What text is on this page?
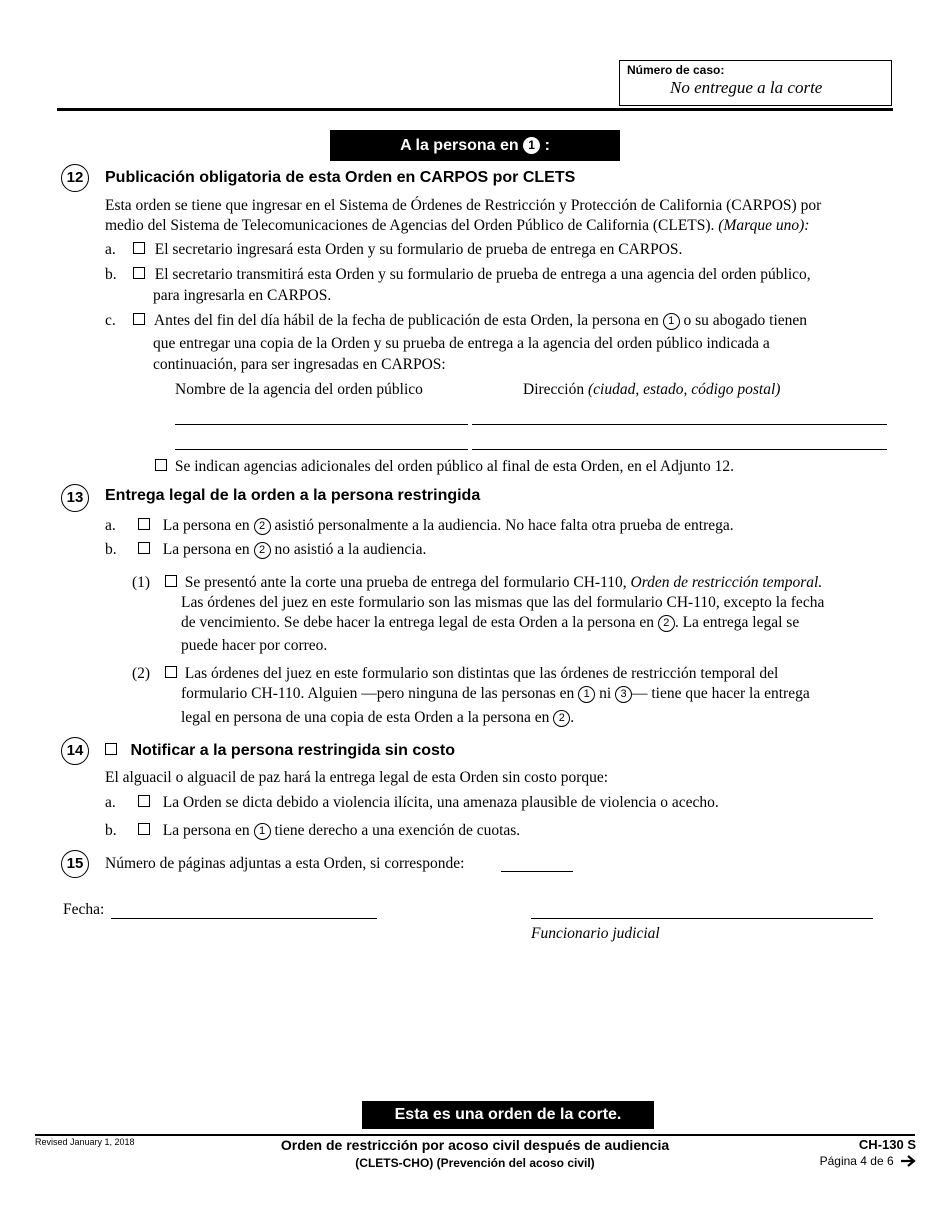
Número de caso:
No entregue a la corte
A la persona en 1 :
12	Publicación obligatoria de esta Orden en CARPOS por CLETS
Esta orden se tiene que ingresar en el Sistema de Órdenes de Restricción y Protección de California (CARPOS) por
medio del Sistema de Telecomunicaciones de Agencias del Orden Público de California (CLETS). (Marque uno):
a.	El secretario ingresará esta Orden y su formulario de prueba de entrega en CARPOS.
b. El secretario transmitirá esta Orden y su formulario de prueba de entrega a una agencia del orden público,
para ingresarla en CARPOS.
c. Antes del fin del día hábil de la fecha de publicación de esta Orden, la persona en 1 o su abogado tienen
que entregar una copia de la Orden y su prueba de entrega a la agencia del orden público indicada a
continuación, para ser ingresadas en CARPOS:
Nombre de la agencia del orden público	Dirección (ciudad, estado, código postal)
Se indican agencias adicionales del orden público al final de esta Orden, en el Adjunto 12.
13	Entrega legal de la orden a la persona restringida
a.	La persona en 2 asistió personalmente a la audiencia. No hace falta otra prueba de entrega.
b.	La persona en 2 no asistió a la audiencia.
(1) Se presentó ante la corte una prueba de entrega del formulario CH-110, Orden de restricción temporal.
Las órdenes del juez en este formulario son las mismas que las del formulario CH-110, excepto la fecha
de vencimiento. Se debe hacer la entrega legal de esta Orden a la persona en 2 . La entrega legal se
puede hacer por correo.
(2) Las órdenes del juez en este formulario son distintas que las órdenes de restricción temporal del
formulario CH-110. Alguien —pero ninguna de las personas en 1 ni 3 — tiene que hacer la entrega
legal en persona de una copia de esta Orden a la persona en 2 .
14	Notificar a la persona restringida sin costo
El alguacil o alguacil de paz hará la entrega legal de esta Orden sin costo porque:
a.	La Orden se dicta debido a violencia ilícita, una amenaza plausible de violencia o acecho.
b.	La persona en 1 tiene derecho a una exención de cuotas.
15	Número de páginas adjuntas a esta Orden, si corresponde:
Fecha:
Funcionario judicial
Esta es una orden de la corte.
Revised January 1, 2018	Orden de restricción por acoso civil después de audiencia
(CLETS-CHO) (Prevención del acoso civil)
CH-130 S
Página 4 de 6
